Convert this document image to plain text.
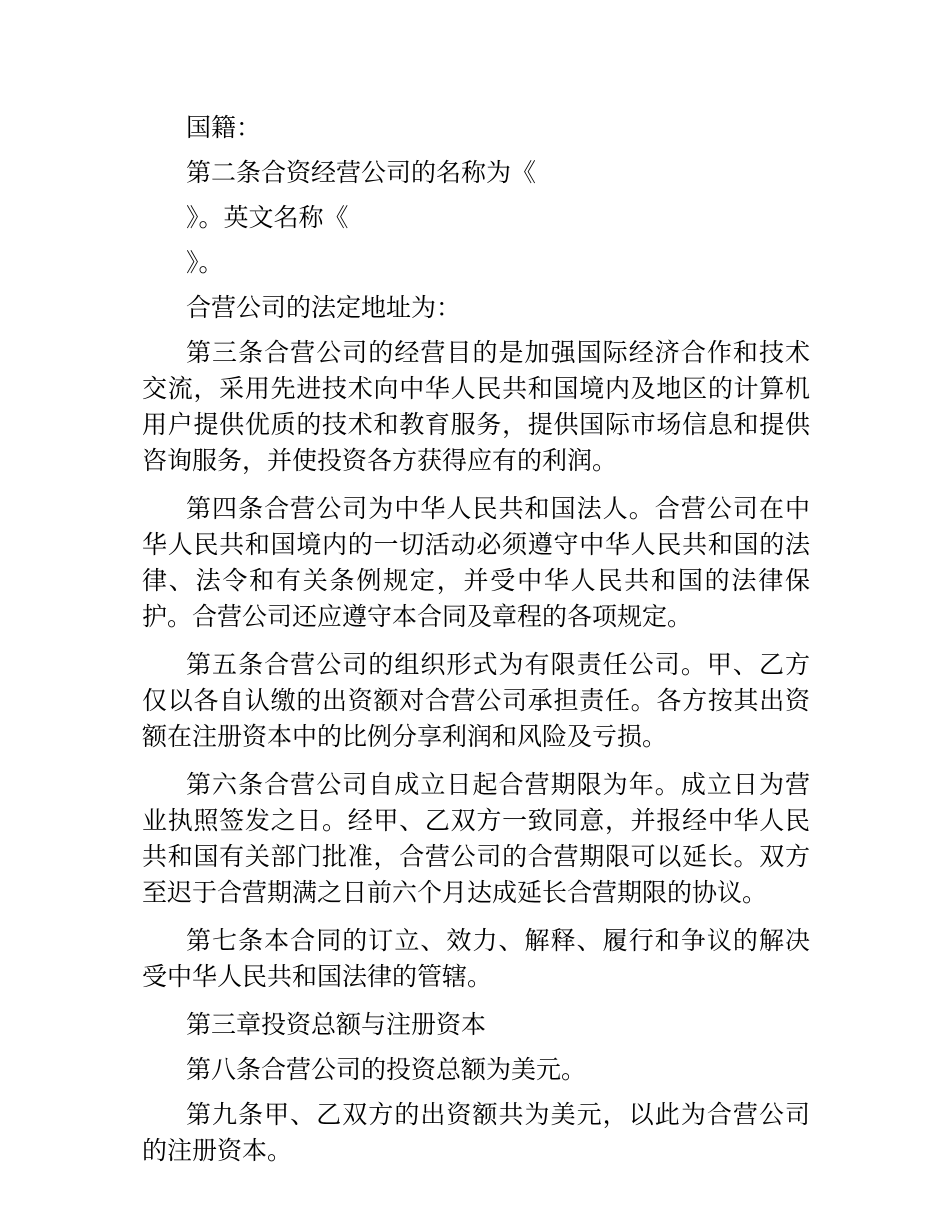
国籍：

第二条合资经营公司的名称为《

》。英文名称《

》。

合营公司的法定地址为：

第三条合营公司的经营目的是加强国际经济合作和技术交流，采用先进技术向中华人民共和国境内及地区的计算机用户提供优质的技术和教育服务，提供国际市场信息和提供咨询服务，并使投资各方获得应有的利润。

第四条合营公司为中华人民共和国法人。合营公司在中华人民共和国境内的一切活动必须遵守中华人民共和国的法律、法令和有关条例规定，并受中华人民共和国的法律保护。合营公司还应遵守本合同及章程的各项规定。

第五条合营公司的组织形式为有限责任公司。甲、乙方仅以各自认缴的出资额对合营公司承担责任。各方按其出资额在注册资本中的比例分享利润和风险及亏损。

第六条合营公司自成立日起合营期限为年。成立日为营业执照签发之日。经甲、乙双方一致同意，并报经中华人民共和国有关部门批准，合营公司的合营期限可以延长。双方至迟于合营期满之日前六个月达成延长合营期限的协议。

第七条本合同的订立、效力、解释、履行和争议的解决受中华人民共和国法律的管辖。

第三章投资总额与注册资本

第八条合营公司的投资总额为美元。

第九条甲、乙双方的出资额共为美元，以此为合营公司的注册资本。
